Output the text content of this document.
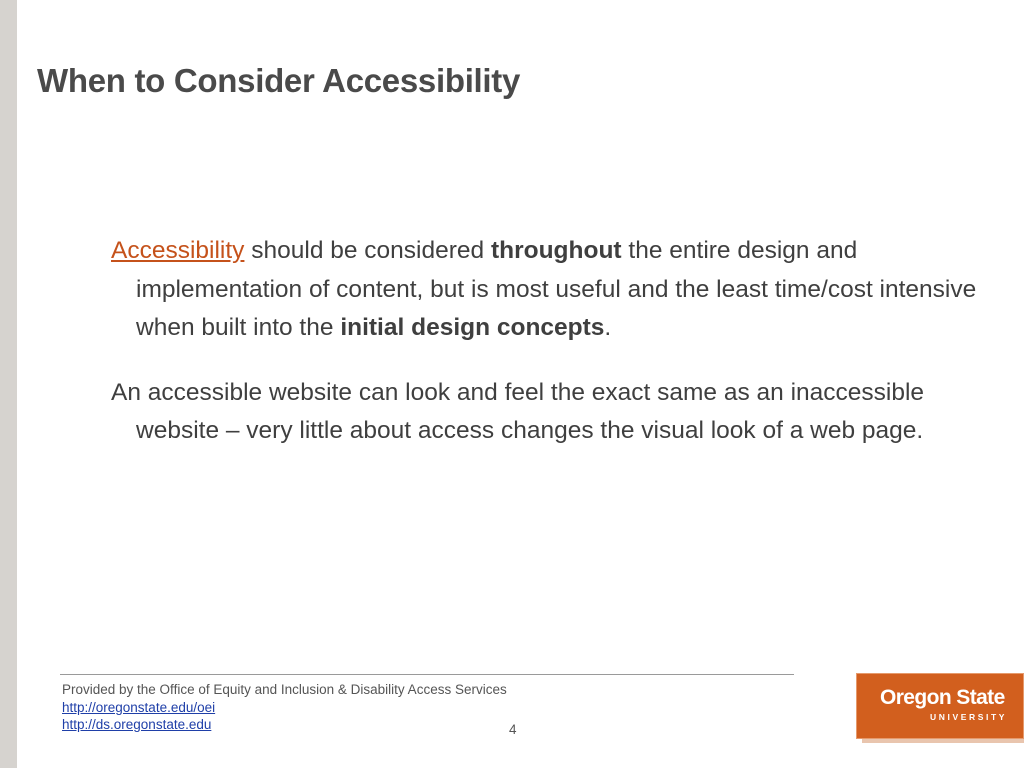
When to Consider Accessibility

Accessibility should be considered throughout the entire design and implementation of content, but is most useful and the least time/cost intensive when built into the initial design concepts.

An accessible website can look and feel the exact same as an inaccessible website – very little about access changes the visual look of a web page.

Provided by the Office of Equity and Inclusion & Disability Access Services
http://oregonstate.edu/oei
http://ds.oregonstate.edu	4
Oregon State
UNIVERSITY
